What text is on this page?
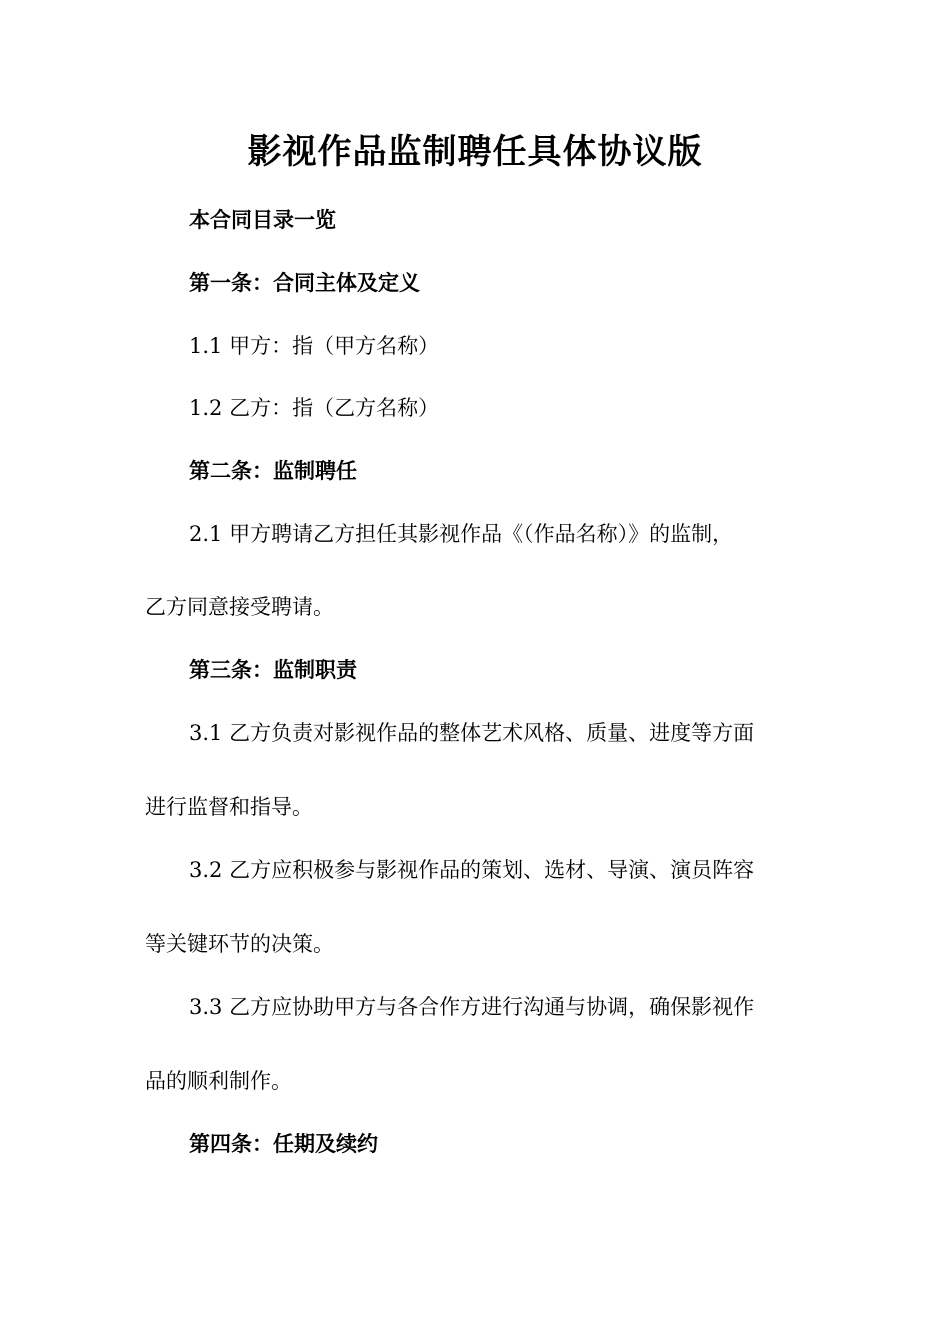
影视作品监制聘任具体协议版
本合同目录一览
第一条：合同主体及定义
1.1 甲方：指（甲方名称）
1.2 乙方：指（乙方名称）
第二条：监制聘任
2.1 甲方聘请乙方担任其影视作品《（作品名称）》的监制，
乙方同意接受聘请。
第三条：监制职责
3.1 乙方负责对影视作品的整体艺术风格、质量、进度等方面
进行监督和指导。
3.2 乙方应积极参与影视作品的策划、选材、导演、演员阵容
等关键环节的决策。
3.3 乙方应协助甲方与各合作方进行沟通与协调，确保影视作
品的顺利制作。
第四条：任期及续约
